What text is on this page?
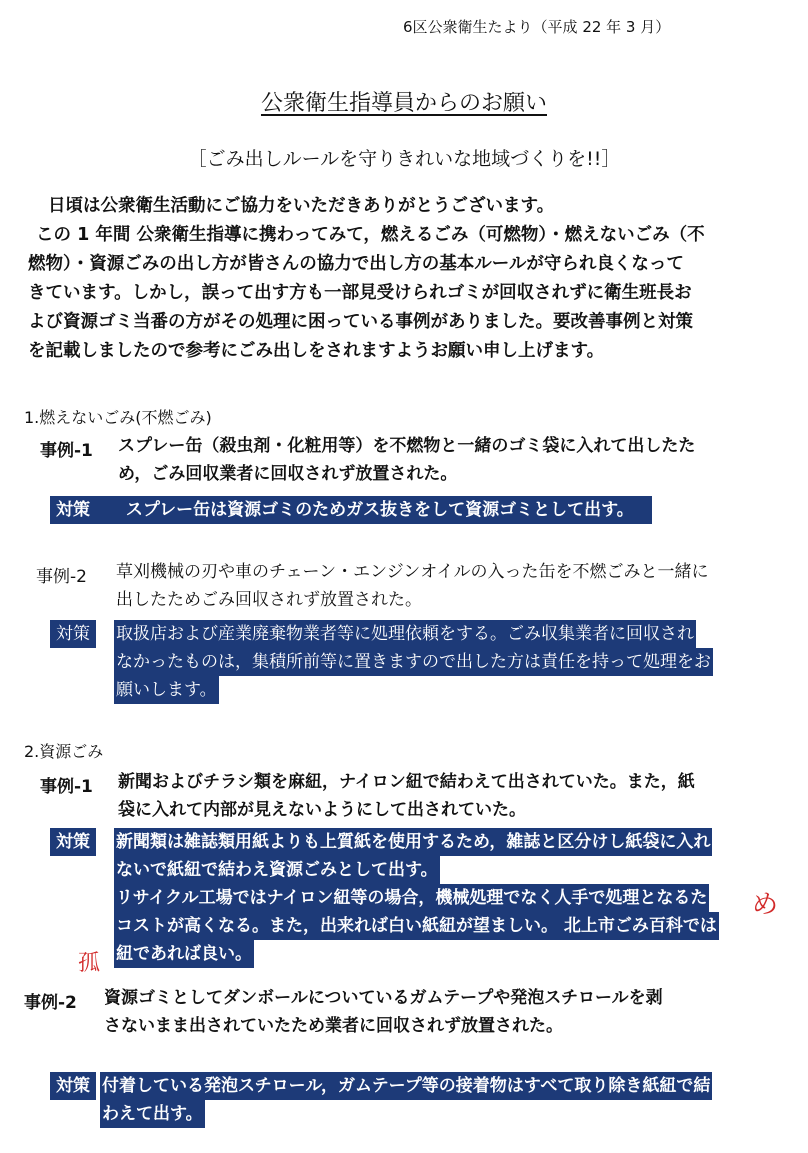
6区公衆衛生たより（平成 22 年 3 月）
公衆衛生指導員からのお願い
［ごみ出しルールを守りきれいな地域づくりを!!］
日頃は公衆衛生活動にご協力をいただきありがとうございます。
この 1 年間 公衆衛生指導に携わってみて，燃えるごみ（可燃物）・燃えないごみ（不
燃物）・資源ごみの出し方が皆さんの協力で出し方の基本ルールが守られ良くなって
きています。しかし，誤って出す方も一部見受けられゴミが回収されずに衛生班長お
よび資源ゴミ当番の方がその処理に困っている事例がありました。要改善事例と対策
を記載しましたので参考にごみ出しをされますようお願い申し上げます。
1.燃えないごみ(不燃ごみ)
事例-1 スプレー缶（殺虫剤・化粧用等）を不燃物と一緒のゴミ袋に入れて出したた
め，ごみ回収業者に回収されず放置された。
対策 スプレー缶は資源ゴミのためガス抜きをして資源ゴミとして出す。
事例-2 草刈機械の刃や車のチェーン・エンジンオイルの入った缶を不燃ごみと一緒に
出したためごみ回収されず放置された。
対策	取扱店および産業廃棄物業者等に処理依頼をする。ごみ収集業者に回収され
なかったものは，集積所前等に置きますので出した方は責任を持って処理をお
願いします。
2.資源ごみ
事例-1 新聞およびチラシ類を麻紐，ナイロン紐で結わえて出されていた。また，紙
袋に入れて内部が見えないようにして出されていた。
対策	新聞類は雑誌類用紙よりも上質紙を使用するため，雑誌と区分けし紙袋に入れ
ないで紙紐で結わえ資源ごみとして出す。
リサイクル工場ではナイロン紐等の場合，機械処理でなく人手で処理となるた
コストが高くなる。また，出来れば白い紙紐が望ましい。 北上市ごみ百科では
紐であれば良い。
め
孤
事例-2 資源ゴミとしてダンボールについているガムテープや発泡スチロールを剥
さないまま出されていたため業者に回収されず放置された。
対策 付着している発泡スチロール，ガムテープ等の接着物はすべて取り除き紙紐で結
わえて出す。
